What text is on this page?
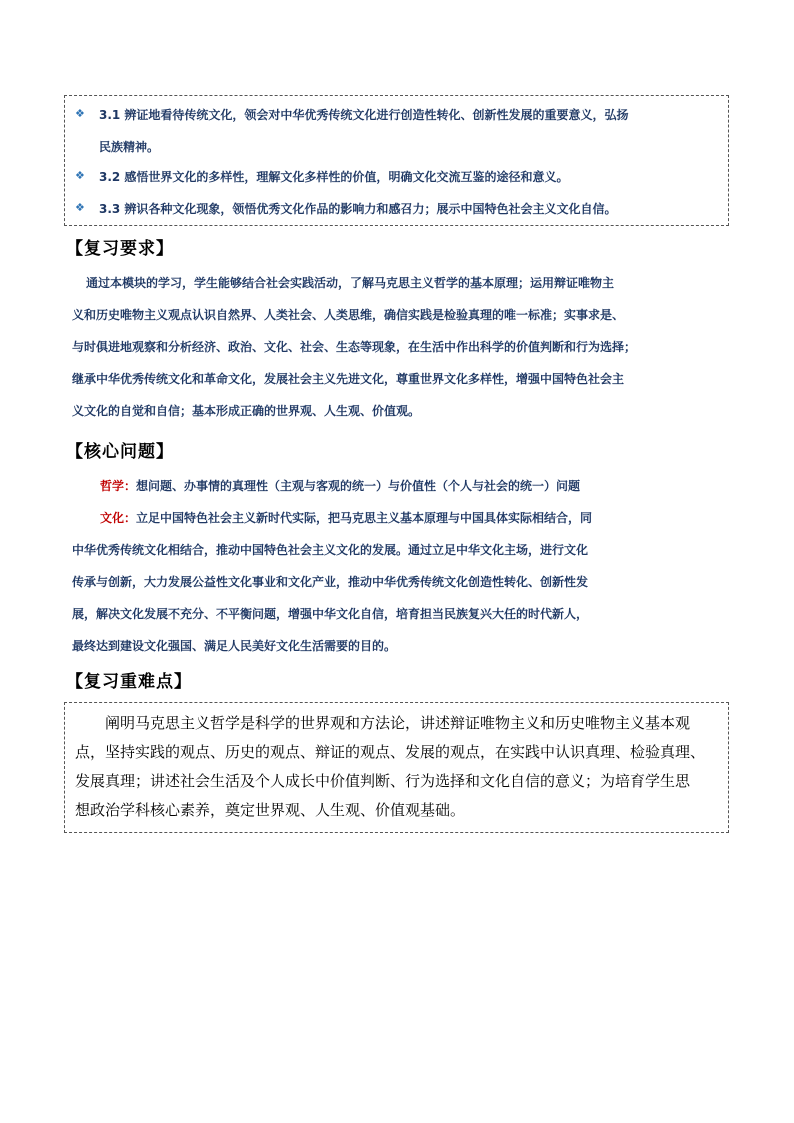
❖ 3.1 辨证地看待传统文化，领会对中华优秀传统文化进行创造性转化、创新性发展的重要意义，弘扬
民族精神。
❖ 3.2 感悟世界文化的多样性，理解文化多样性的价值，明确文化交流互鉴的途径和意义。
❖ 3.3 辨识各种文化现象，领悟优秀文化作品的影响力和感召力；展示中国特色社会主义文化自信。
【复习要求】
通过本模块的学习，学生能够结合社会实践活动，了解马克思主义哲学的基本原理；运用辩证唯物主
义和历史唯物主义观点认识自然界、人类社会、人类思维，确信实践是检验真理的唯一标准；实事求是、
与时俱进地观察和分析经济、政治、文化、社会、生态等现象，在生活中作出科学的价值判断和行为选择；
继承中华优秀传统文化和革命文化，发展社会主义先进文化，尊重世界文化多样性，增强中国特色社会主
义文化的自觉和自信；基本形成正确的世界观、人生观、价值观。
【核心问题】
哲学：想问题、办事情的真理性（主观与客观的统一）与价值性（个人与社会的统一）问题
文化：立足中国特色社会主义新时代实际，把马克思主义基本原理与中国具体实际相结合，同
中华优秀传统文化相结合，推动中国特色社会主义文化的发展。通过立足中华文化主场，进行文化
传承与创新，大力发展公益性文化事业和文化产业，推动中华优秀传统文化创造性转化、创新性发
展，解决文化发展不充分、不平衡问题，增强中华文化自信，培育担当民族复兴大任的时代新人，
最终达到建设文化强国、满足人民美好文化生活需要的目的。
【复习重难点】
阐明马克思主义哲学是科学的世界观和方法论，讲述辩证唯物主义和历史唯物主义基本观
点，坚持实践的观点、历史的观点、辩证的观点、发展的观点，在实践中认识真理、检验真理、
发展真理；讲述社会生活及个人成长中价值判断、行为选择和文化自信的意义；为培育学生思
想政治学科核心素养，奠定世界观、人生观、价值观基础。
